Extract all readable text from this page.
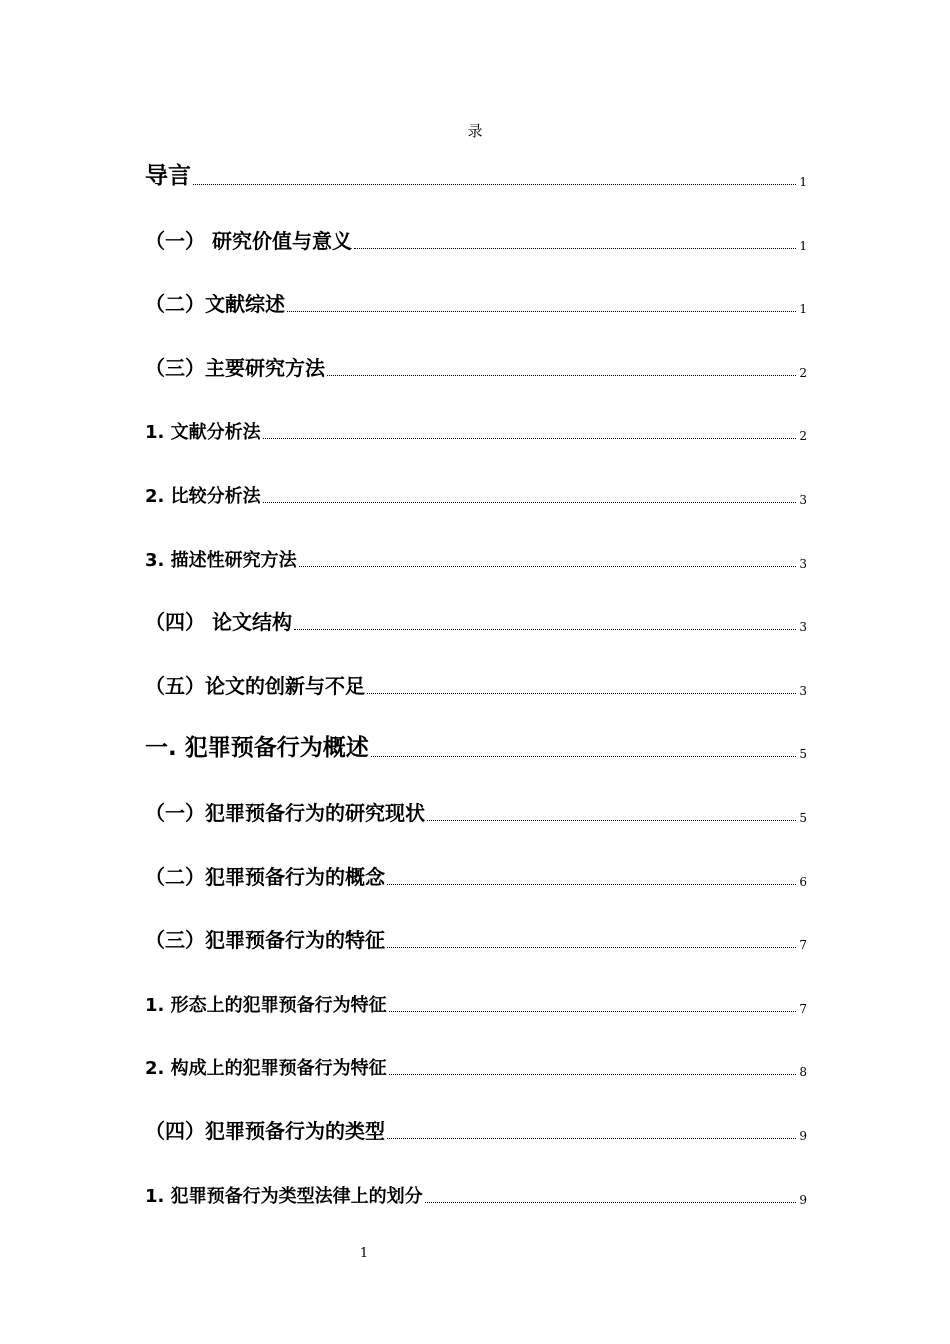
录
导言	1
（一） 研究价值与意义	1
（二）文献综述	1
（三）主要研究方法	2
1. 文献分析法	2
2. 比较分析法	3
3. 描述性研究方法	3
（四） 论文结构	3
（五）论文的创新与不足	3
一. 犯罪预备行为概述	5
（一）犯罪预备行为的研究现状	5
（二）犯罪预备行为的概念	6
（三）犯罪预备行为的特征	7
1. 形态上的犯罪预备行为特征	7
2. 构成上的犯罪预备行为特征	8
（四）犯罪预备行为的类型	9
1. 犯罪预备行为类型法律上的划分	9
1
